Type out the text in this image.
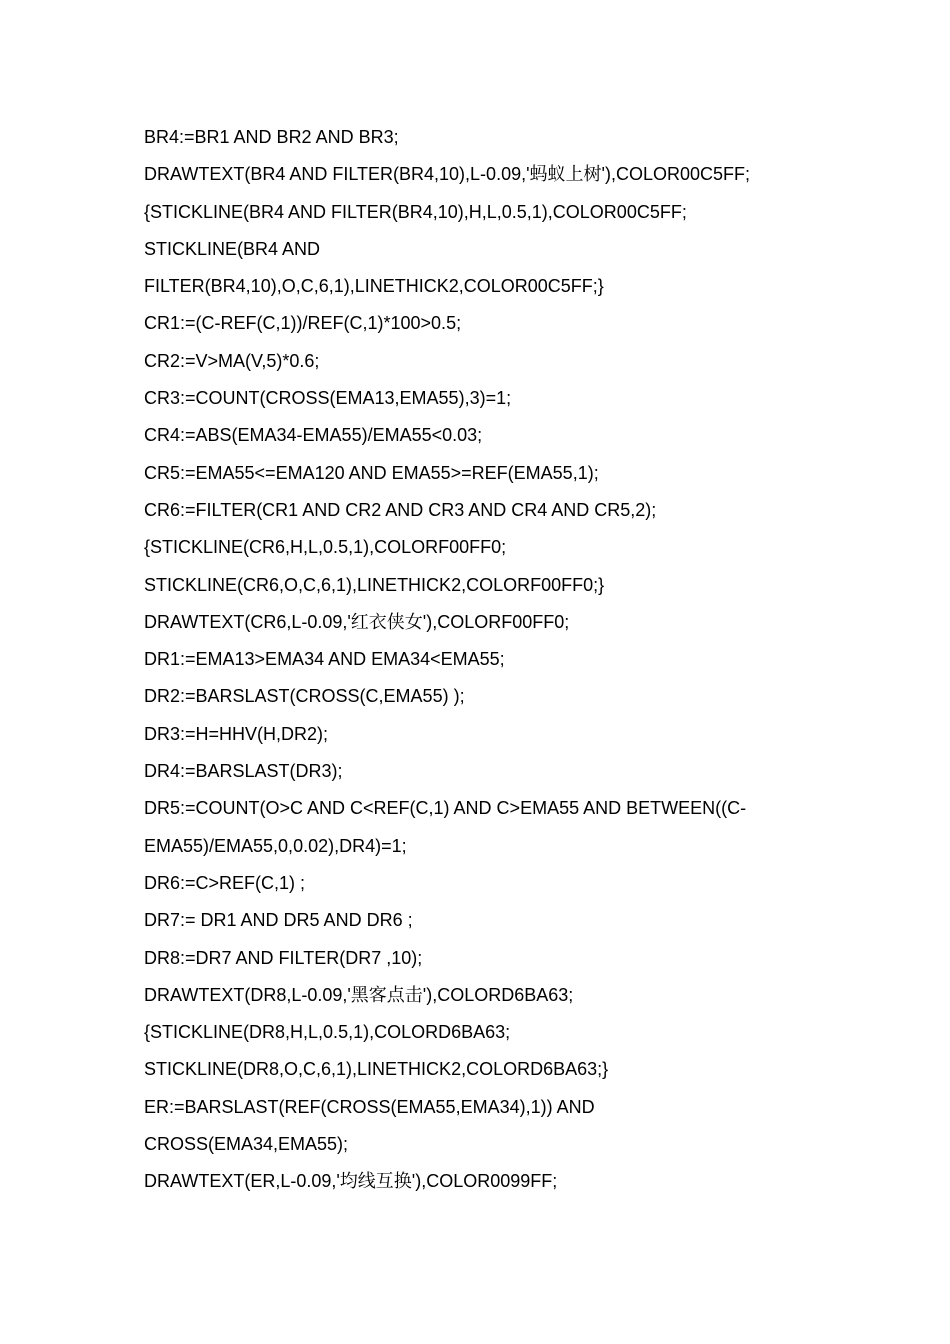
BR4:=BR1 AND BR2 AND BR3;
DRAWTEXT(BR4 AND FILTER(BR4,10),L-0.09,'蚂蚁上树'),COLOR00C5FF;
{STICKLINE(BR4 AND FILTER(BR4,10),H,L,0.5,1),COLOR00C5FF;
STICKLINE(BR4 AND
FILTER(BR4,10),O,C,6,1),LINETHICK2,COLOR00C5FF;}
CR1:=(C-REF(C,1))/REF(C,1)*100>0.5;
CR2:=V>MA(V,5)*0.6;
CR3:=COUNT(CROSS(EMA13,EMA55),3)=1;
CR4:=ABS(EMA34-EMA55)/EMA55<0.03;
CR5:=EMA55<=EMA120 AND EMA55>=REF(EMA55,1);
CR6:=FILTER(CR1 AND CR2 AND CR3 AND CR4 AND CR5,2);
{STICKLINE(CR6,H,L,0.5,1),COLORF00FF0;
STICKLINE(CR6,O,C,6,1),LINETHICK2,COLORF00FF0;}
DRAWTEXT(CR6,L-0.09,'红衣侠女'),COLORF00FF0;
DR1:=EMA13>EMA34 AND EMA34<EMA55;
DR2:=BARSLAST(CROSS(C,EMA55) );
DR3:=H=HHV(H,DR2);
DR4:=BARSLAST(DR3);
DR5:=COUNT(O>C AND C<REF(C,1) AND C>EMA55 AND BETWEEN((C-
EMA55)/EMA55,0,0.02),DR4)=1;
DR6:=C>REF(C,1) ;
DR7:= DR1 AND DR5 AND DR6 ;
DR8:=DR7 AND FILTER(DR7 ,10);
DRAWTEXT(DR8,L-0.09,'黑客点击'),COLORD6BA63;
{STICKLINE(DR8,H,L,0.5,1),COLORD6BA63;
STICKLINE(DR8,O,C,6,1),LINETHICK2,COLORD6BA63;}
ER:=BARSLAST(REF(CROSS(EMA55,EMA34),1)) AND
CROSS(EMA34,EMA55);
DRAWTEXT(ER,L-0.09,'均线互换'),COLOR0099FF;
